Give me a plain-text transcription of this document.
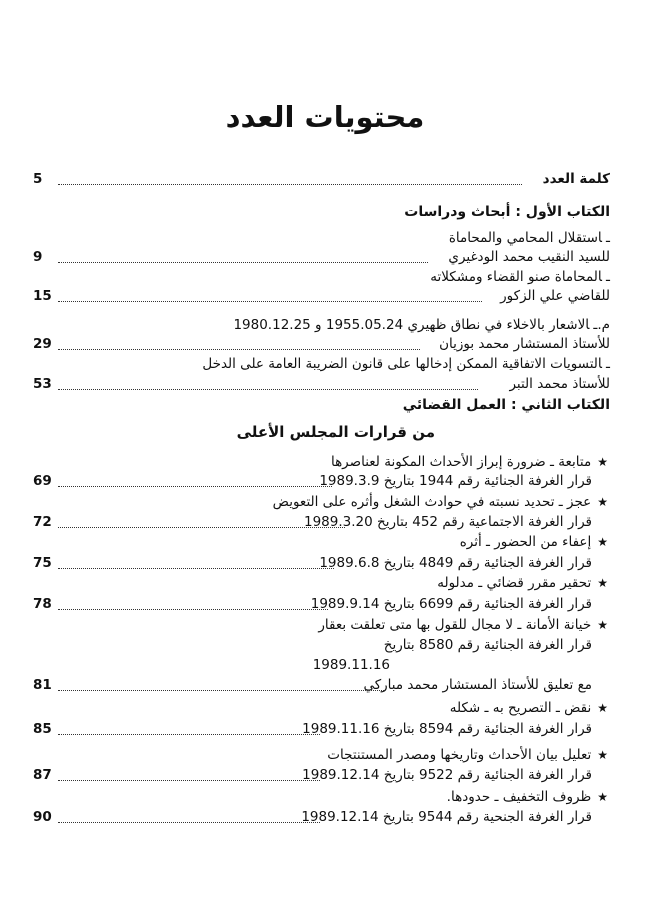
محتويات العدد
كلمة العدد
5
الكتاب الأول : أبحاث ودراسات
ـاستقلال المحامي والمحاماة
للسيد النقيب محمد الودغيري
9
ـالمحاماة صنو القضاء ومشكلاته
للقاضي علي الزكور
15
م.ـالاشعار بالاخلاء في نطاق ظهيري 1955.05.24 و 1980.12.25
للأستاذ المستشار محمد بوزيان
29
ـالتسويات الاتفاقية الممكن إدخالها على قانون الضريبة العامة على الدخل
للأستاذ محمد التبر
53
الكتاب الثاني : العمل القضائي
من قرارات المجلس الأعلى
★متابعة ـ ضرورة إبراز الأحداث المكونة لعناصرها
قرار الغرفة الجنائية رقم 1944 بتاريخ 1989.3.9
69
★عجز ـ تحديد نسبته في حوادث الشغل وأثره على التعويض
قرار الغرفة الاجتماعية رقم 452 بتاريخ 1989.3.20
72
★إعفاء من الحضور ـ أثره
قرار الغرفة الجنائية رقم 4849 بتاريخ 1989.6.8
75
★تحقير مقرر قضائي ـ مدلوله
قرار الغرفة الجنائية رقم 6699 بتاريخ 1989.9.14
78
★خيانة الأمانة ـ لا مجال للقول بها متى تعلقت بعقار
قرار الغرفة الجنائية رقم 8580 بتاريخ
1989.11.16
مع تعليق للأستاذ المستشار محمد مباركي
81
★نقض ـ التصريح به ـ شكله
قرار الغرفة الجنائية رقم 8594 بتاريخ 1989.11.16
85
★تعليل بيان الأحداث وتاريخها ومصدر المستنتجات
قرار الغرفة الجنائية رقم 9522 بتاريخ 1989.12.14
87
★ظروف التخفيف ـ حدودها.
قرار الغرفة الجنحية رقم 9544 بتاريخ 1989.12.14
90
